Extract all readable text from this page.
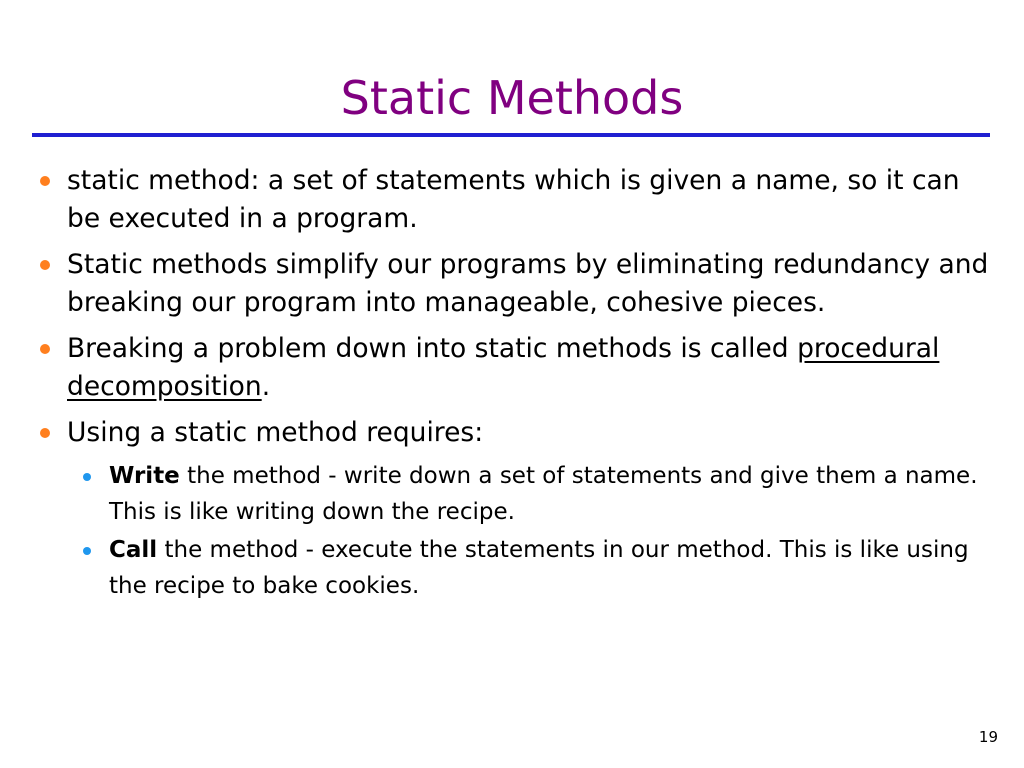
Static Methods
static method: a set of statements which is given a name, so it can be executed in a program.
Static methods simplify our programs by eliminating redundancy and breaking our program into manageable, cohesive pieces.
Breaking a problem down into static methods is called procedural decomposition.
Using a static method requires:
Write the method - write down a set of statements and give them a name. This is like writing down the recipe.
Call the method - execute the statements in our method. This is like using the recipe to bake cookies.
19
